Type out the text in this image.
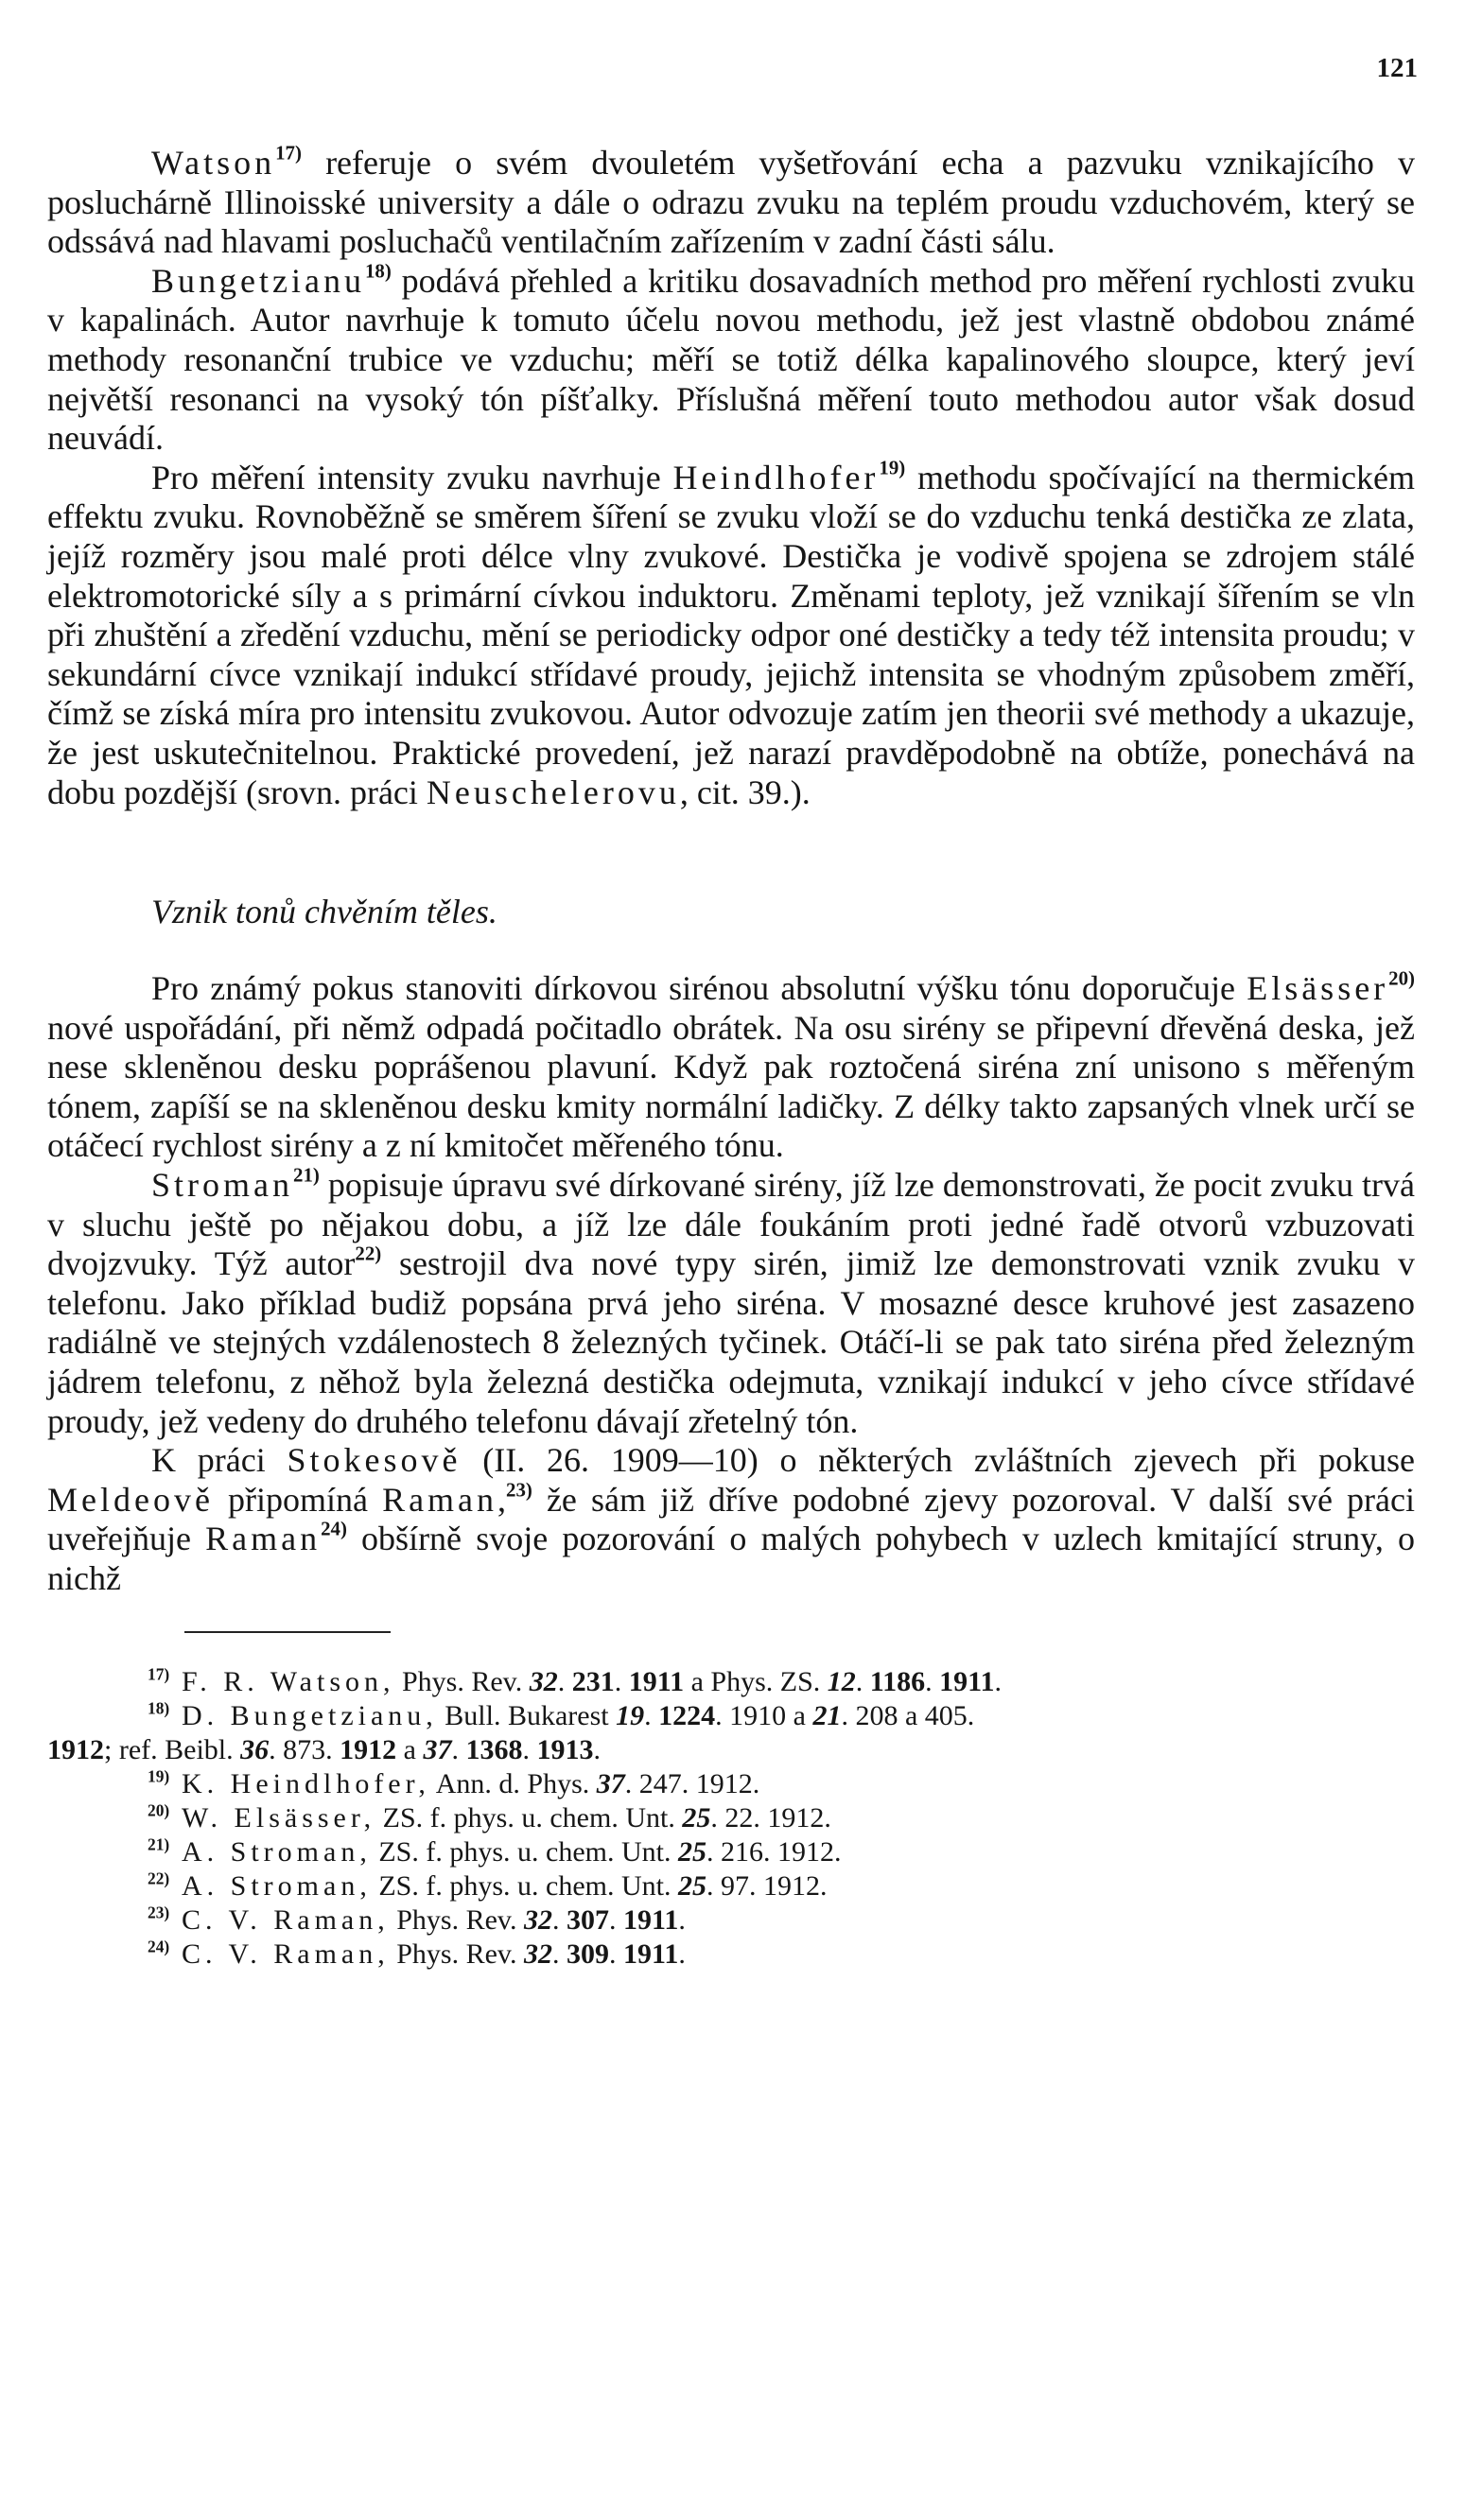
121

Watson$^{17)}$ referuje o svém dvouletém vyšetřování echa a pazvuku vznikajícího v posluchárně Illinoisské university a dále o odrazu zvuku na teplém proudu vzduchovém, který se odssává nad hlavami posluchačů ventilačním zařízením v zadní části sálu.

Bungetzianu$^{18)}$ podává přehled a kritiku dosavadních method pro měření rychlosti zvuku v kapalinách. Autor navrhuje k tomuto účelu novou methodu, jež jest vlastně obdobou známé methody resonanční trubice ve vzduchu; měří se totiž délka kapalinového sloupce, který jeví největší resonanci na vysoký tón píšťalky. Příslušná měření touto methodou autor však dosud neuvádí.

Pro měření intensity zvuku navrhuje Heindlhofer$^{19)}$ methodu spočívající na thermickém effektu zvuku. Rovnoběžně se směrem šíření se zvuku vloží se do vzduchu tenká destička ze zlata, jejíž rozměry jsou malé proti délce vlny zvukové. Destička je vodivě spojena se zdrojem stálé elektromotorické síly a s primární cívkou induktoru. Změnami teploty, jež vznikají šířením se vln při zhuštění a zředění vzduchu, mění se periodicky odpor oné destičky a tedy též intensita proudu; v sekundární cívce vznikají indukcí střídavé proudy, jejichž intensita se vhodným způsobem změří, čímž se získá míra pro intensitu zvukovou. Autor odvozuje zatím jen theorii své methody a ukazuje, že jest uskutečnitelnou. Praktické provedení, jež narazí pravděpodobně na obtíže, ponechává na dobu pozdější (srovn. práci Neuschelerovu, cit. 39.).

Vznik tonů chvěním těles.

Pro známý pokus stanoviti dírkovou sirénou absolutní výšku tónu doporučuje Elsässer$^{20)}$ nové uspořádání, při němž odpadá počitadlo obrátek. Na osu sirény se připevní dřevěná deska, jež nese skleněnou desku poprášenou plavuní. Když pak roztočená siréna zní unisono s měřeným tónem, zapíší se na skleněnou desku kmity normální ladičky. Z délky takto zapsaných vlnek určí se otáčecí rychlost sirény a z ní kmitočet měřeného tónu.

Stroman$^{21)}$ popisuje úpravu své dírkované sirény, jíž lze demonstrovati, že pocit zvuku trvá v sluchu ještě po nějakou dobu, a jíž lze dále foukáním proti jedné řadě otvorů vzbuzovati dvojzvuky. Týž autor$^{22)}$ sestrojil dva nové typy sirén, jimiž lze demonstrovati vznik zvuku v telefonu. Jako příklad budiž popsána prvá jeho siréna. V mosazné desce kruhové jest zasazeno radiálně ve stejných vzdálenostech 8 železných tyčinek. Otáčí-li se pak tato siréna před železným jádrem telefonu, z něhož byla železná destička odejmuta, vznikají indukcí v jeho cívce střídavé proudy, jež vedeny do druhého telefonu dávají zřetelný tón.

K práci Stokesově (II. 26. 1909—10) o některých zvláštních zjevech při pokuse Meldeově připomíná Raman,$^{23)}$ že sám již dříve podobné zjevy pozoroval. V další své práci uveřejňuje Raman$^{24)}$ obšírně svoje pozorování o malých pohybech v uzlech kmitající struny, o nichž

$^{17)}$ F. R. Watson, Phys. Rev. 32. 231. 1911 a Phys. ZS. 12. 1186. 1911.
$^{18)}$ D. Bungetzianu, Bull. Bukarest 19. 1224. 1910 a 21. 208 a 405.
1912; ref. Beibl. 36. 873. 1912 a 37. 1368. 1913.
$^{19)}$ K. Heindlhofer, Ann. d. Phys. 37. 247. 1912.
$^{20)}$ W. Elsässer, ZS. f. phys. u. chem. Unt. 25. 22. 1912.
$^{21)}$ A. Stroman, ZS. f. phys. u. chem. Unt. 25. 216. 1912.
$^{22)}$ A. Stroman, ZS. f. phys. u. chem. Unt. 25. 97. 1912.
$^{23)}$ C. V. Raman, Phys. Rev. 32. 307. 1911.
$^{24)}$ C. V. Raman, Phys. Rev. 32. 309. 1911.
